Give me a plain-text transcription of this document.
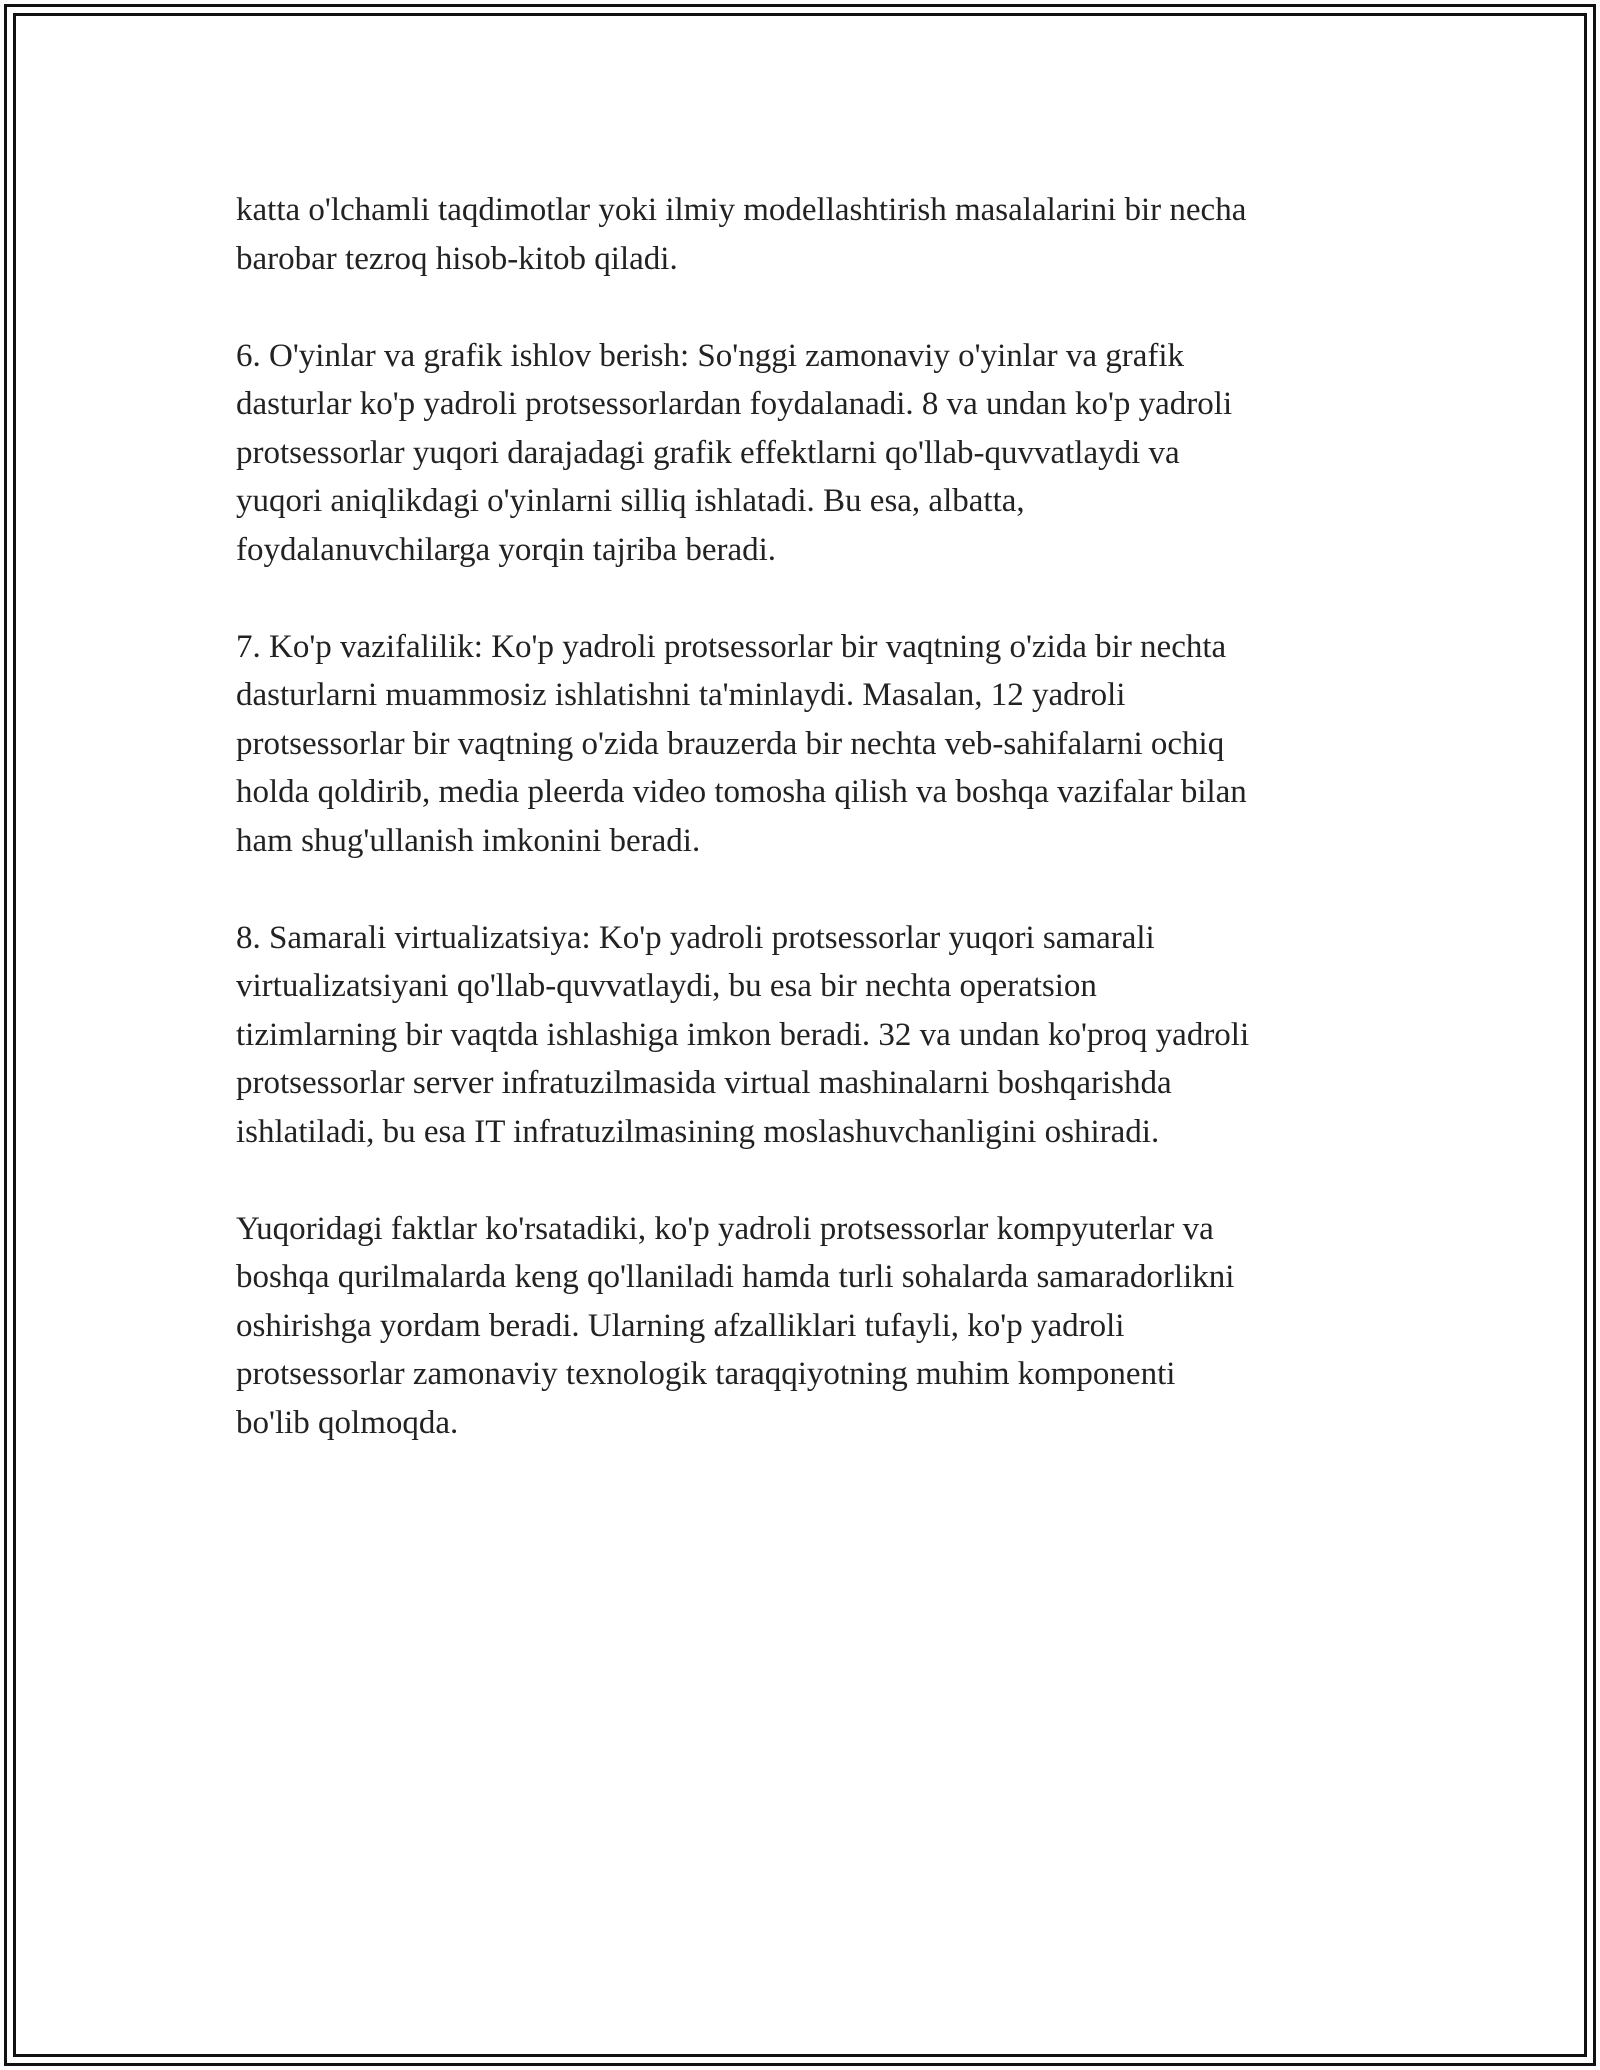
katta o'lchamli taqdimotlar yoki ilmiy modellashtirish masalalarini bir necha
barobar tezroq hisob-kitob qiladi.

6. O'yinlar va grafik ishlov berish: So'nggi zamonaviy o'yinlar va grafik
dasturlar ko'p yadroli protsessorlardan foydalanadi. 8 va undan ko'p yadroli
protsessorlar yuqori darajadagi grafik effektlarni qo'llab-quvvatlaydi va
yuqori aniqlikdagi o'yinlarni silliq ishlatadi. Bu esa, albatta,
foydalanuvchilarga yorqin tajriba beradi.

7. Ko'p vazifalilik: Ko'p yadroli protsessorlar bir vaqtning o'zida bir nechta
dasturlarni muammosiz ishlatishni ta'minlaydi. Masalan, 12 yadroli
protsessorlar bir vaqtning o'zida brauzerda bir nechta veb-sahifalarni ochiq
holda qoldirib, media pleerda video tomosha qilish va boshqa vazifalar bilan
ham shug'ullanish imkonini beradi.

8. Samarali virtualizatsiya: Ko'p yadroli protsessorlar yuqori samarali
virtualizatsiyani qo'llab-quvvatlaydi, bu esa bir nechta operatsion
tizimlarning bir vaqtda ishlashiga imkon beradi. 32 va undan ko'proq yadroli
protsessorlar server infratuzilmasida virtual mashinalarni boshqarishda
ishlatiladi, bu esa IT infratuzilmasining moslashuvchanligini oshiradi.

Yuqoridagi faktlar ko'rsatadiki, ko'p yadroli protsessorlar kompyuterlar va
boshqa qurilmalarda keng qo'llaniladi hamda turli sohalarda samaradorlikni
oshirishga yordam beradi. Ularning afzalliklari tufayli, ko'p yadroli
protsessorlar zamonaviy texnologik taraqqiyotning muhim komponenti
bo'lib qolmoqda.
